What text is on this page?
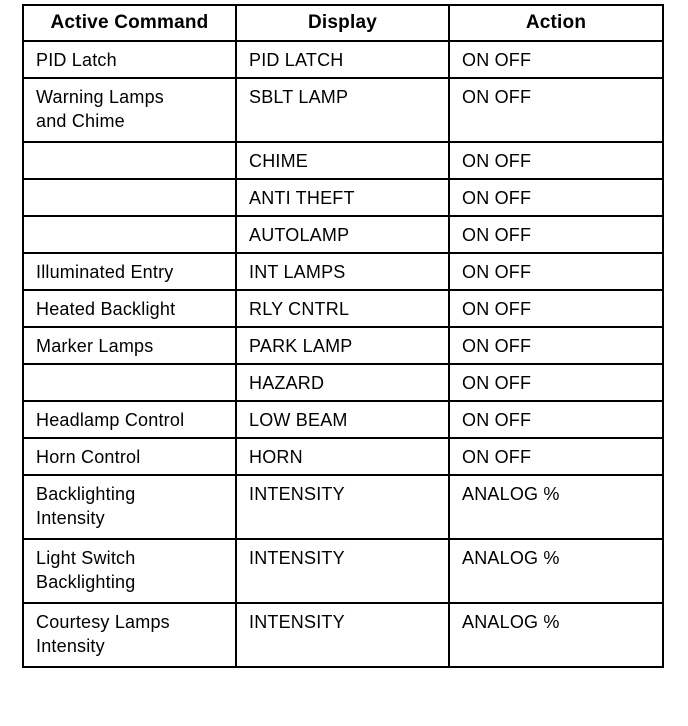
Active Command	Display	Action

PID Latch	PID LATCH	ON OFF

Warning Lamps
and Chime	SBLT LAMP	ON OFF

	CHIME	ON OFF

	ANTI THEFT	ON OFF

	AUTOLAMP	ON OFF

Illuminated Entry	INT LAMPS	ON OFF

Heated Backlight	RLY CNTRL	ON OFF

Marker Lamps	PARK LAMP	ON OFF

	HAZARD	ON OFF

Headlamp Control	LOW BEAM	ON OFF

Horn Control	HORN	ON OFF

Backlighting
Intensity	INTENSITY	ANALOG %

Light Switch
Backlighting	INTENSITY	ANALOG %

Courtesy Lamps
Intensity	INTENSITY	ANALOG %
